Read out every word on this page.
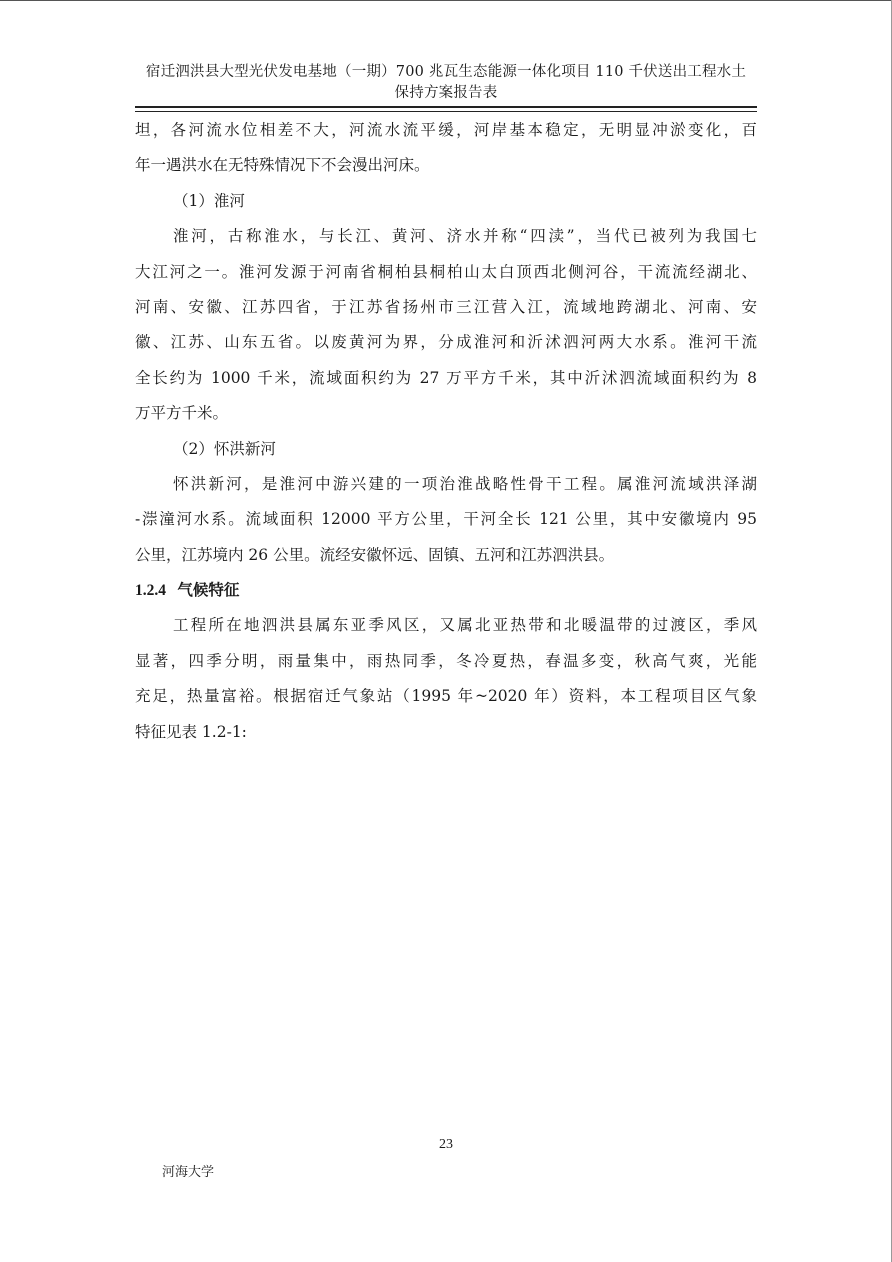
宿迁泗洪县大型光伏发电基地（一期）700 兆瓦生态能源一体化项目 110 千伏送出工程水土
保持方案报告表
坦，各河流水位相差不大，河流水流平缓，河岸基本稳定，无明显冲淤变化，百
年一遇洪水在无特殊情况下不会漫出河床。
（1）淮河
淮河，古称淮水，与长江、黄河、济水并称“四渎”，当代已被列为我国七
大江河之一。淮河发源于河南省桐柏县桐柏山太白顶西北侧河谷，干流流经湖北、
河南、安徽、江苏四省，于江苏省扬州市三江营入江，流域地跨湖北、河南、安
徽、江苏、山东五省。以废黄河为界，分成淮河和沂沭泗河两大水系。淮河干流
全长约为 1000 千米，流域面积约为 27 万平方千米，其中沂沭泗流域面积约为 8
万平方千米。
（2）怀洪新河
怀洪新河，是淮河中游兴建的一项治淮战略性骨干工程。属淮河流域洪泽湖
-漴潼河水系。流域面积 12000 平方公里，干河全长 121 公里，其中安徽境内 95
公里，江苏境内 26 公里。流经安徽怀远、固镇、五河和江苏泗洪县。
1.2.4 气候特征
工程所在地泗洪县属东亚季风区，又属北亚热带和北暖温带的过渡区，季风
显著，四季分明，雨量集中，雨热同季，冬冷夏热，春温多变，秋高气爽，光能
充足，热量富裕。根据宿迁气象站（1995 年~2020 年）资料，本工程项目区气象
特征见表 1.2-1:
23
河海大学
